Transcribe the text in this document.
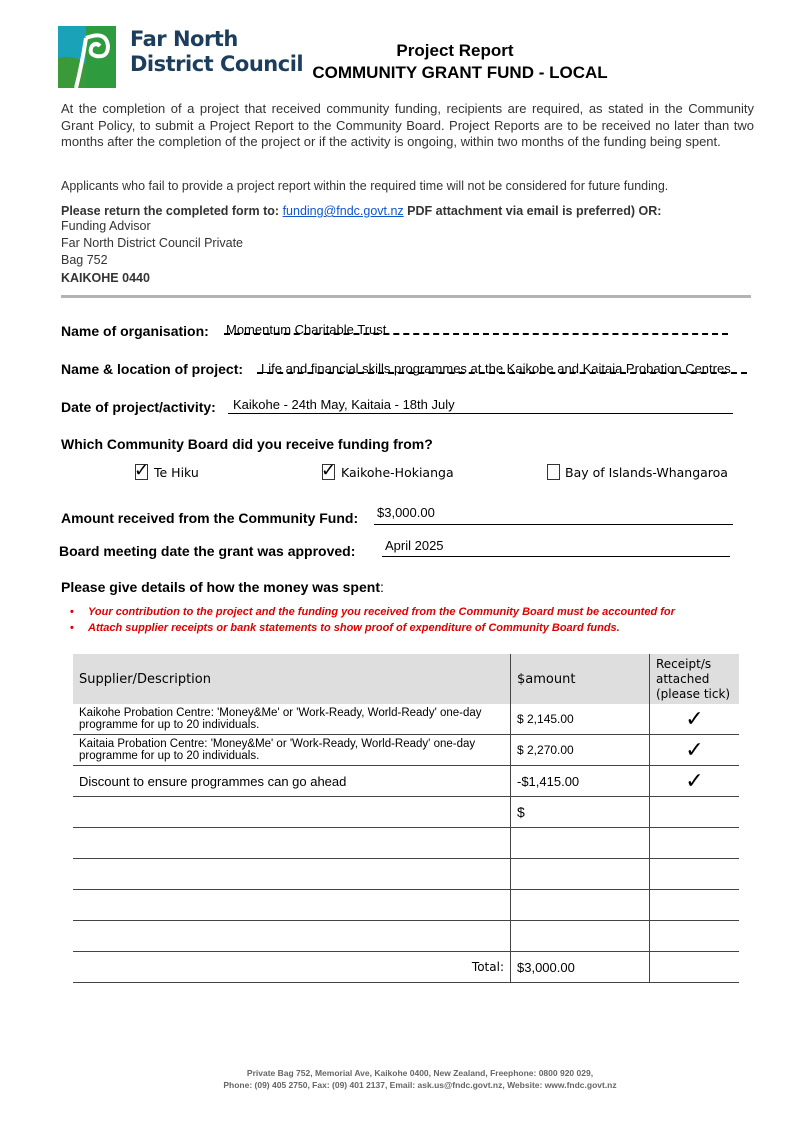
Far North
District Council
Project Report
COMMUNITY GRANT FUND - LOCAL
At the completion of a project that received community funding, recipients are required, as stated in the Community Grant Policy, to submit a Project Report to the Community Board. Project Reports are to be received no later than two months after the completion of the project or if the activity is ongoing, within two months of the funding being spent.
Applicants who fail to provide a project report within the required time will not be considered for future funding.
Please return the completed form to: funding@fndc.govt.nz PDF attachment via email is preferred) OR:
Funding Advisor
Far North District Council Private
Bag 752
KAIKOHE 0440
Name of organisation: Momentum Charitable Trust
Name & location of project: Life and financial skills programmes at the Kaikohe and Kaitaia Probation Centres
Date of project/activity: Kaikohe - 24th May, Kaitaia - 18th July
Which Community Board did you receive funding from?
✓ Te Hiku	✓ Kaikohe-Hokianga	Bay of Islands-Whangaroa
Amount received from the Community Fund: $3,000.00
Board meeting date the grant was approved: April 2025
Please give details of how the money was spent:
• Your contribution to the project and the funding you received from the Community Board must be accounted for
• Attach supplier receipts or bank statements to show proof of expenditure of Community Board funds.
Supplier/Description	$amount	Receipt/s attached (please tick)
Kaikohe Probation Centre: 'Money&Me' or 'Work-Ready, World-Ready' one-day programme for up to 20 individuals.	$ 2,145.00	✓
Kaitaia Probation Centre: 'Money&Me' or 'Work-Ready, World-Ready' one-day programme for up to 20 individuals.	$ 2,270.00	✓
Discount to ensure programmes can go ahead	-$1,415.00	✓
	$	

Total:	$3,000.00	
Private Bag 752, Memorial Ave, Kaikohe 0400, New Zealand, Freephone: 0800 920 029,
Phone: (09) 405 2750, Fax: (09) 401 2137, Email: ask.us@fndc.govt.nz, Website: www.fndc.govt.nz
